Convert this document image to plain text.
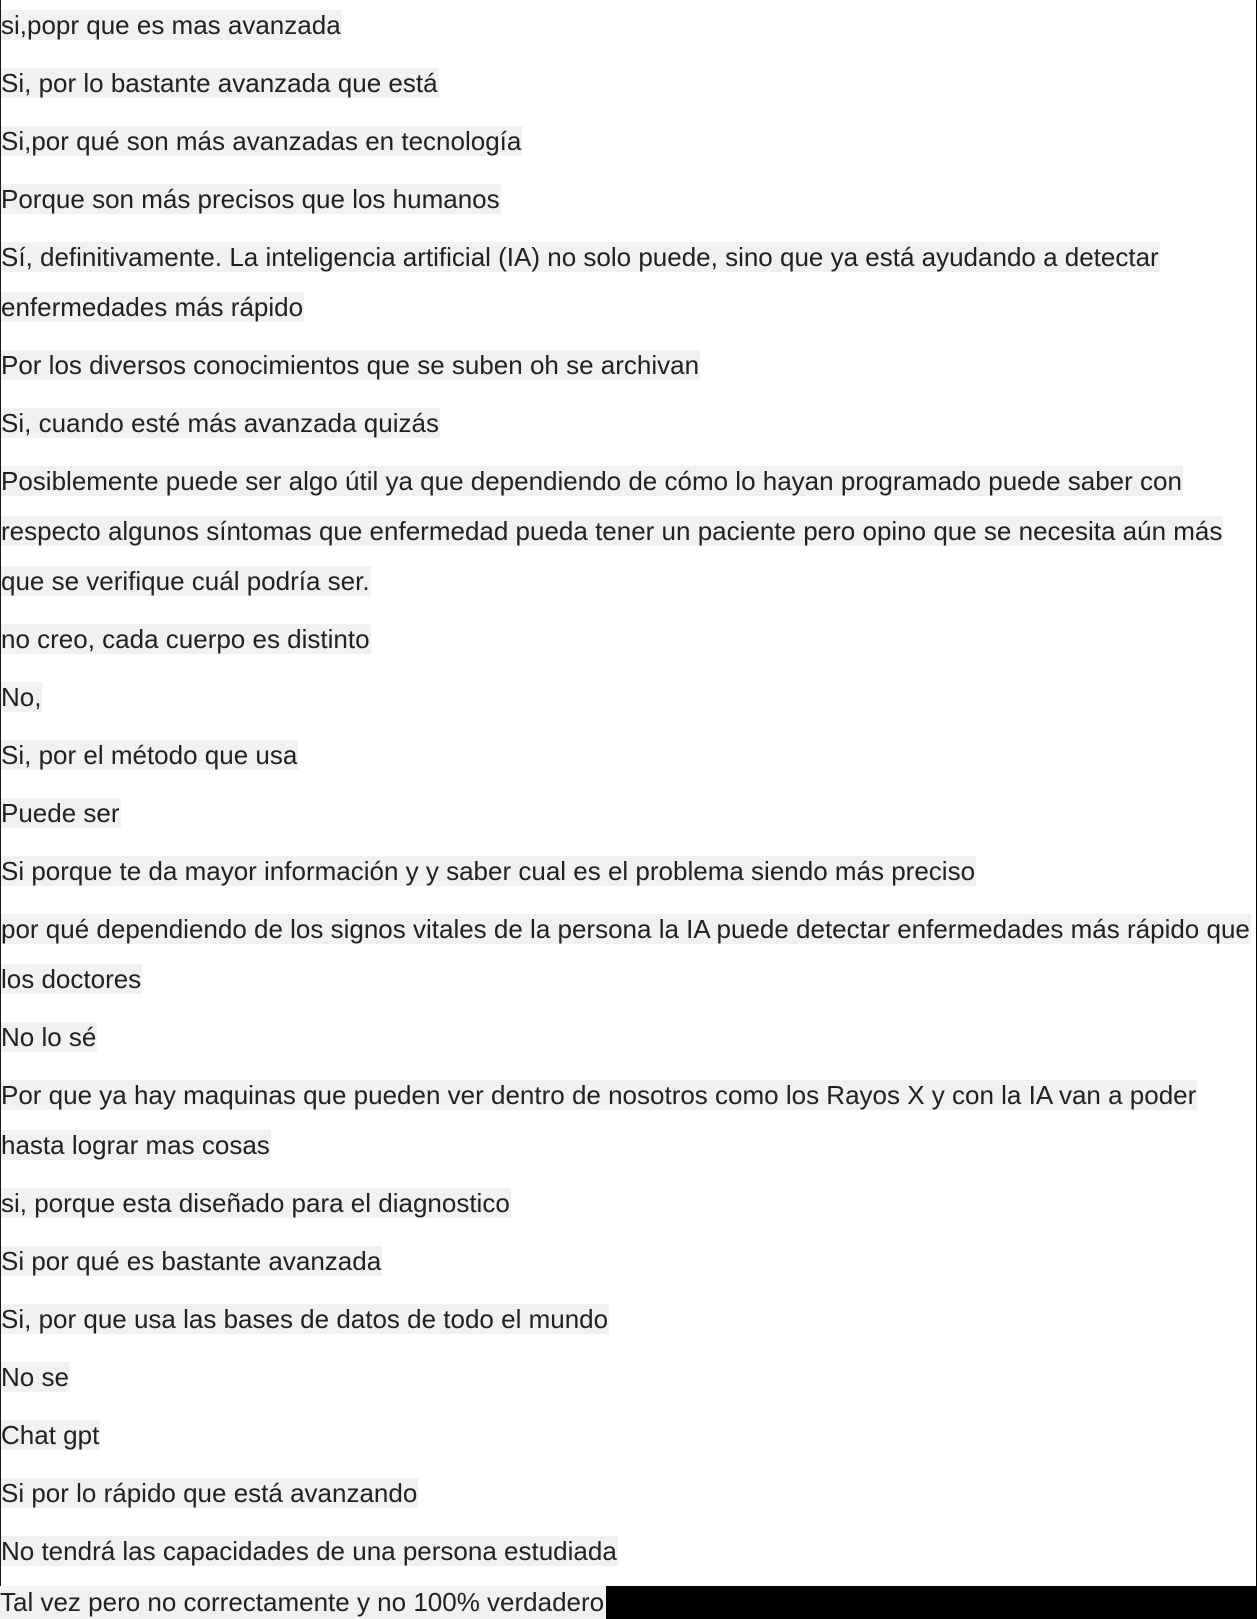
si,popr que es mas avanzada
Si, por lo bastante avanzada que está
Si,por qué son más avanzadas en tecnología
Porque son más precisos que los humanos
Sí, definitivamente. La inteligencia artificial (IA) no solo puede, sino que ya está ayudando a detectar enfermedades más rápido
Por los diversos conocimientos que se suben oh se archivan
Si, cuando esté más avanzada quizás
Posiblemente puede ser algo útil ya que dependiendo de cómo lo hayan programado puede saber con respecto algunos síntomas que enfermedad pueda tener un paciente pero opino que se necesita aún más que se verifique cuál podría ser.
no creo, cada cuerpo es distinto
No,
Si, por el método que usa
Puede ser
Si porque te da mayor información y y saber cual es el problema siendo más preciso
por qué dependiendo de los signos vitales de la persona la IA puede detectar enfermedades más rápido que los doctores
No lo sé
Por que ya hay maquinas que pueden ver dentro de nosotros como los Rayos X y con la IA van a poder hasta lograr mas cosas
si, porque esta diseñado para el diagnostico
Si por qué es bastante avanzada
Si, por que usa las bases de datos de todo el mundo
No se
Chat gpt
Si por lo rápido que está avanzando
No tendrá las capacidades de una persona estudiada
Tal vez pero no correctamente y no 100% verdadero
